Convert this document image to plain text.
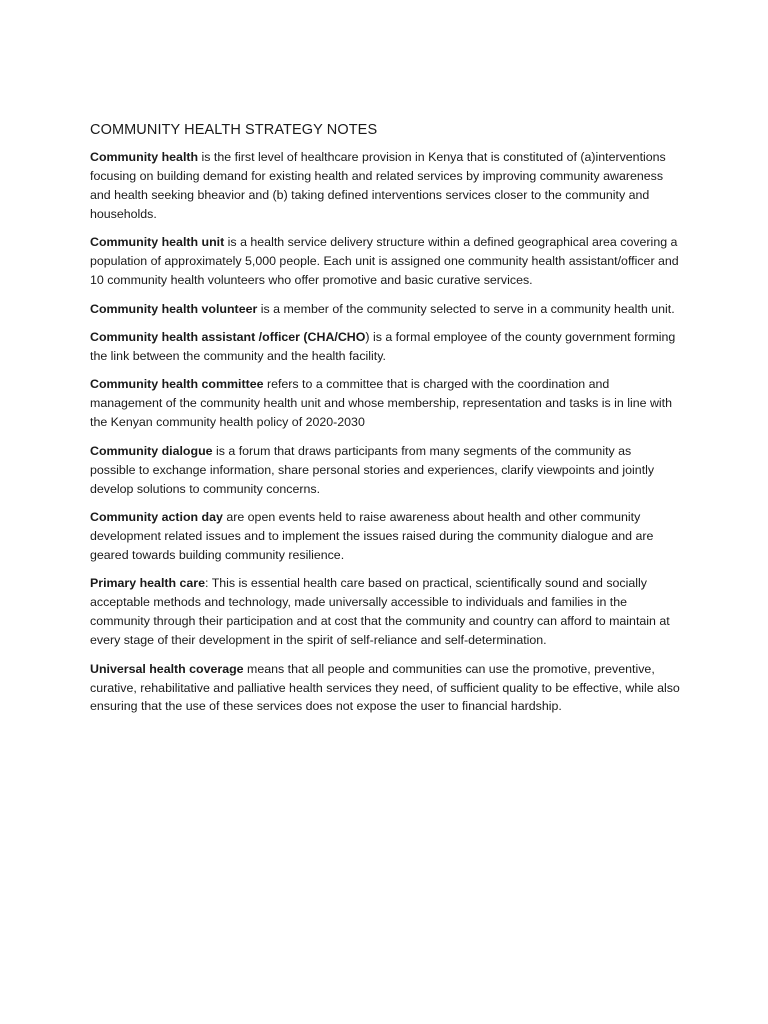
COMMUNITY HEALTH STRATEGY NOTES

Community health is the first level of healthcare provision in Kenya that is constituted of (a)interventions focusing on building demand for existing health and related services by improving community awareness and health seeking bheavior and (b) taking defined interventions services closer to the community and households.

Community health unit is a health service delivery structure within a defined geographical area covering a population of approximately 5,000 people. Each unit is assigned one community health assistant/officer and 10 community health volunteers who offer promotive and basic curative services.

Community health volunteer is a member of the community selected to serve in a community health unit.

Community health assistant /officer (CHA/CHO) is a formal employee of the county government forming the link between the community and the health facility.

Community health committee refers to a committee that is charged with the coordination and management of the community health unit and whose membership, representation and tasks is in line with the Kenyan community health policy of 2020-2030

Community dialogue is a forum that draws participants from many segments of the community as possible to exchange information, share personal stories and experiences, clarify viewpoints and jointly develop solutions to community concerns.

Community action day are open events held to raise awareness about health and other community development related issues and to implement the issues raised during the community dialogue and are geared towards building community resilience.

Primary health care: This is essential health care based on practical, scientifically sound and socially acceptable methods and technology, made universally accessible to individuals and families in the community through their participation and at cost that the community and country can afford to maintain at every stage of their development in the spirit of self-reliance and self-determination.

Universal health coverage means that all people and communities can use the promotive, preventive, curative, rehabilitative and palliative health services they need, of sufficient quality to be effective, while also ensuring that the use of these services does not expose the user to financial hardship.
